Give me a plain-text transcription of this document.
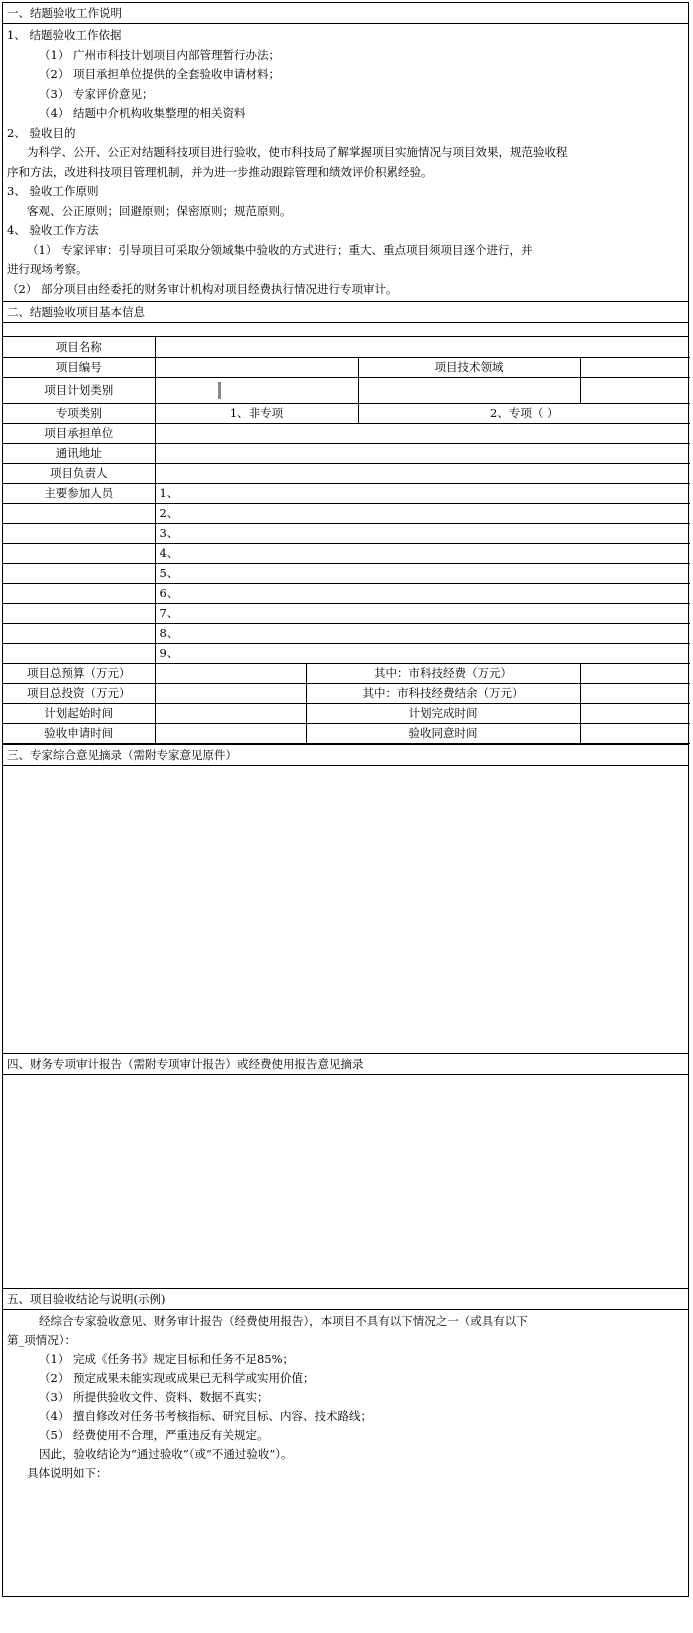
一、结题验收工作说明
1、 结题验收工作依据
（1） 广州市科技计划项目内部管理暂行办法；
（2） 项目承担单位提供的全套验收申请材料；
（3） 专家评价意见；
（4） 结题中介机构收集整理的相关资料
2、 验收目的
为科学、公开、公正对结题科技项目进行验收，使市科技局了解掌握项目实施情况与项目效果，规范验收程
序和方法，改进科技项目管理机制，并为进一步推动跟踪管理和绩效评价积累经验。
3、 验收工作原则
客观、公正原则；回避原则；保密原则；规范原则。
4、 验收工作方法
（1） 专家评审：引导项目可采取分领域集中验收的方式进行；重大、重点项目须项目逐个进行，并
进行现场考察。
（2） 部分项目由经委托的财务审计机构对项目经费执行情况进行专项审计。
二、结题验收项目基本信息
项目名称				
项目编号			项目技术领域	
项目计划类别				
专项类别	1、非专项		2、专项（ ）	
项目承担单位				
通讯地址				
项目负责人				
主要参加人员	1、			
	2、			
	3、			
	4、			
	5、			
	6、			
	7、			
	8、			
	9、			
项目总预算（万元）		其中：市科技经费（万元）		
项目总投资（万元）		其中：市科技经费结余（万元）		
计划起始时间		计划完成时间		
验收申请时间		验收同意时间		
三、专家综合意见摘录（需附专家意见原件）
四、财务专项审计报告（需附专项审计报告）或经费使用报告意见摘录
五、项目验收结论与说明(示例)
经综合专家验收意见、财务审计报告（经费使用报告），本项目不具有以下情况之一（或具有以下
第_项情况）：
（1） 完成《任务书》规定目标和任务不足85%；
（2） 预定成果未能实现或成果已无科学或实用价值；
（3） 所提供验收文件、资料、数据不真实；
（4） 擅自修改对任务书考核指标、研究目标、内容、技术路线；
（5） 经费使用不合理，严重违反有关规定。
因此，验收结论为“通过验收”（或“不通过验收”）。
具体说明如下：
